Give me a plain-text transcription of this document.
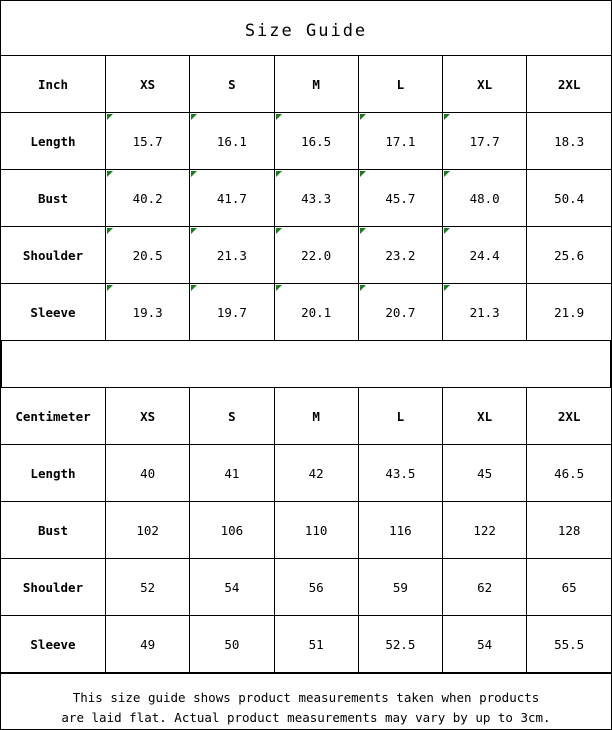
Size Guide
Inch	XS	S	M	L	XL	2XL
Length	15.7	16.1	16.5	17.1	17.7	18.3
Bust	40.2	41.7	43.3	45.7	48.0	50.4
Shoulder	20.5	21.3	22.0	23.2	24.4	25.6
Sleeve	19.3	19.7	20.1	20.7	21.3	21.9
Centimeter	XS	S	M	L	XL	2XL
Length	40	41	42	43.5	45	46.5
Bust	102	106	110	116	122	128
Shoulder	52	54	56	59	62	65
Sleeve	49	50	51	52.5	54	55.5
This size guide shows product measurements taken when products
are laid flat. Actual product measurements may vary by up to 3cm.
